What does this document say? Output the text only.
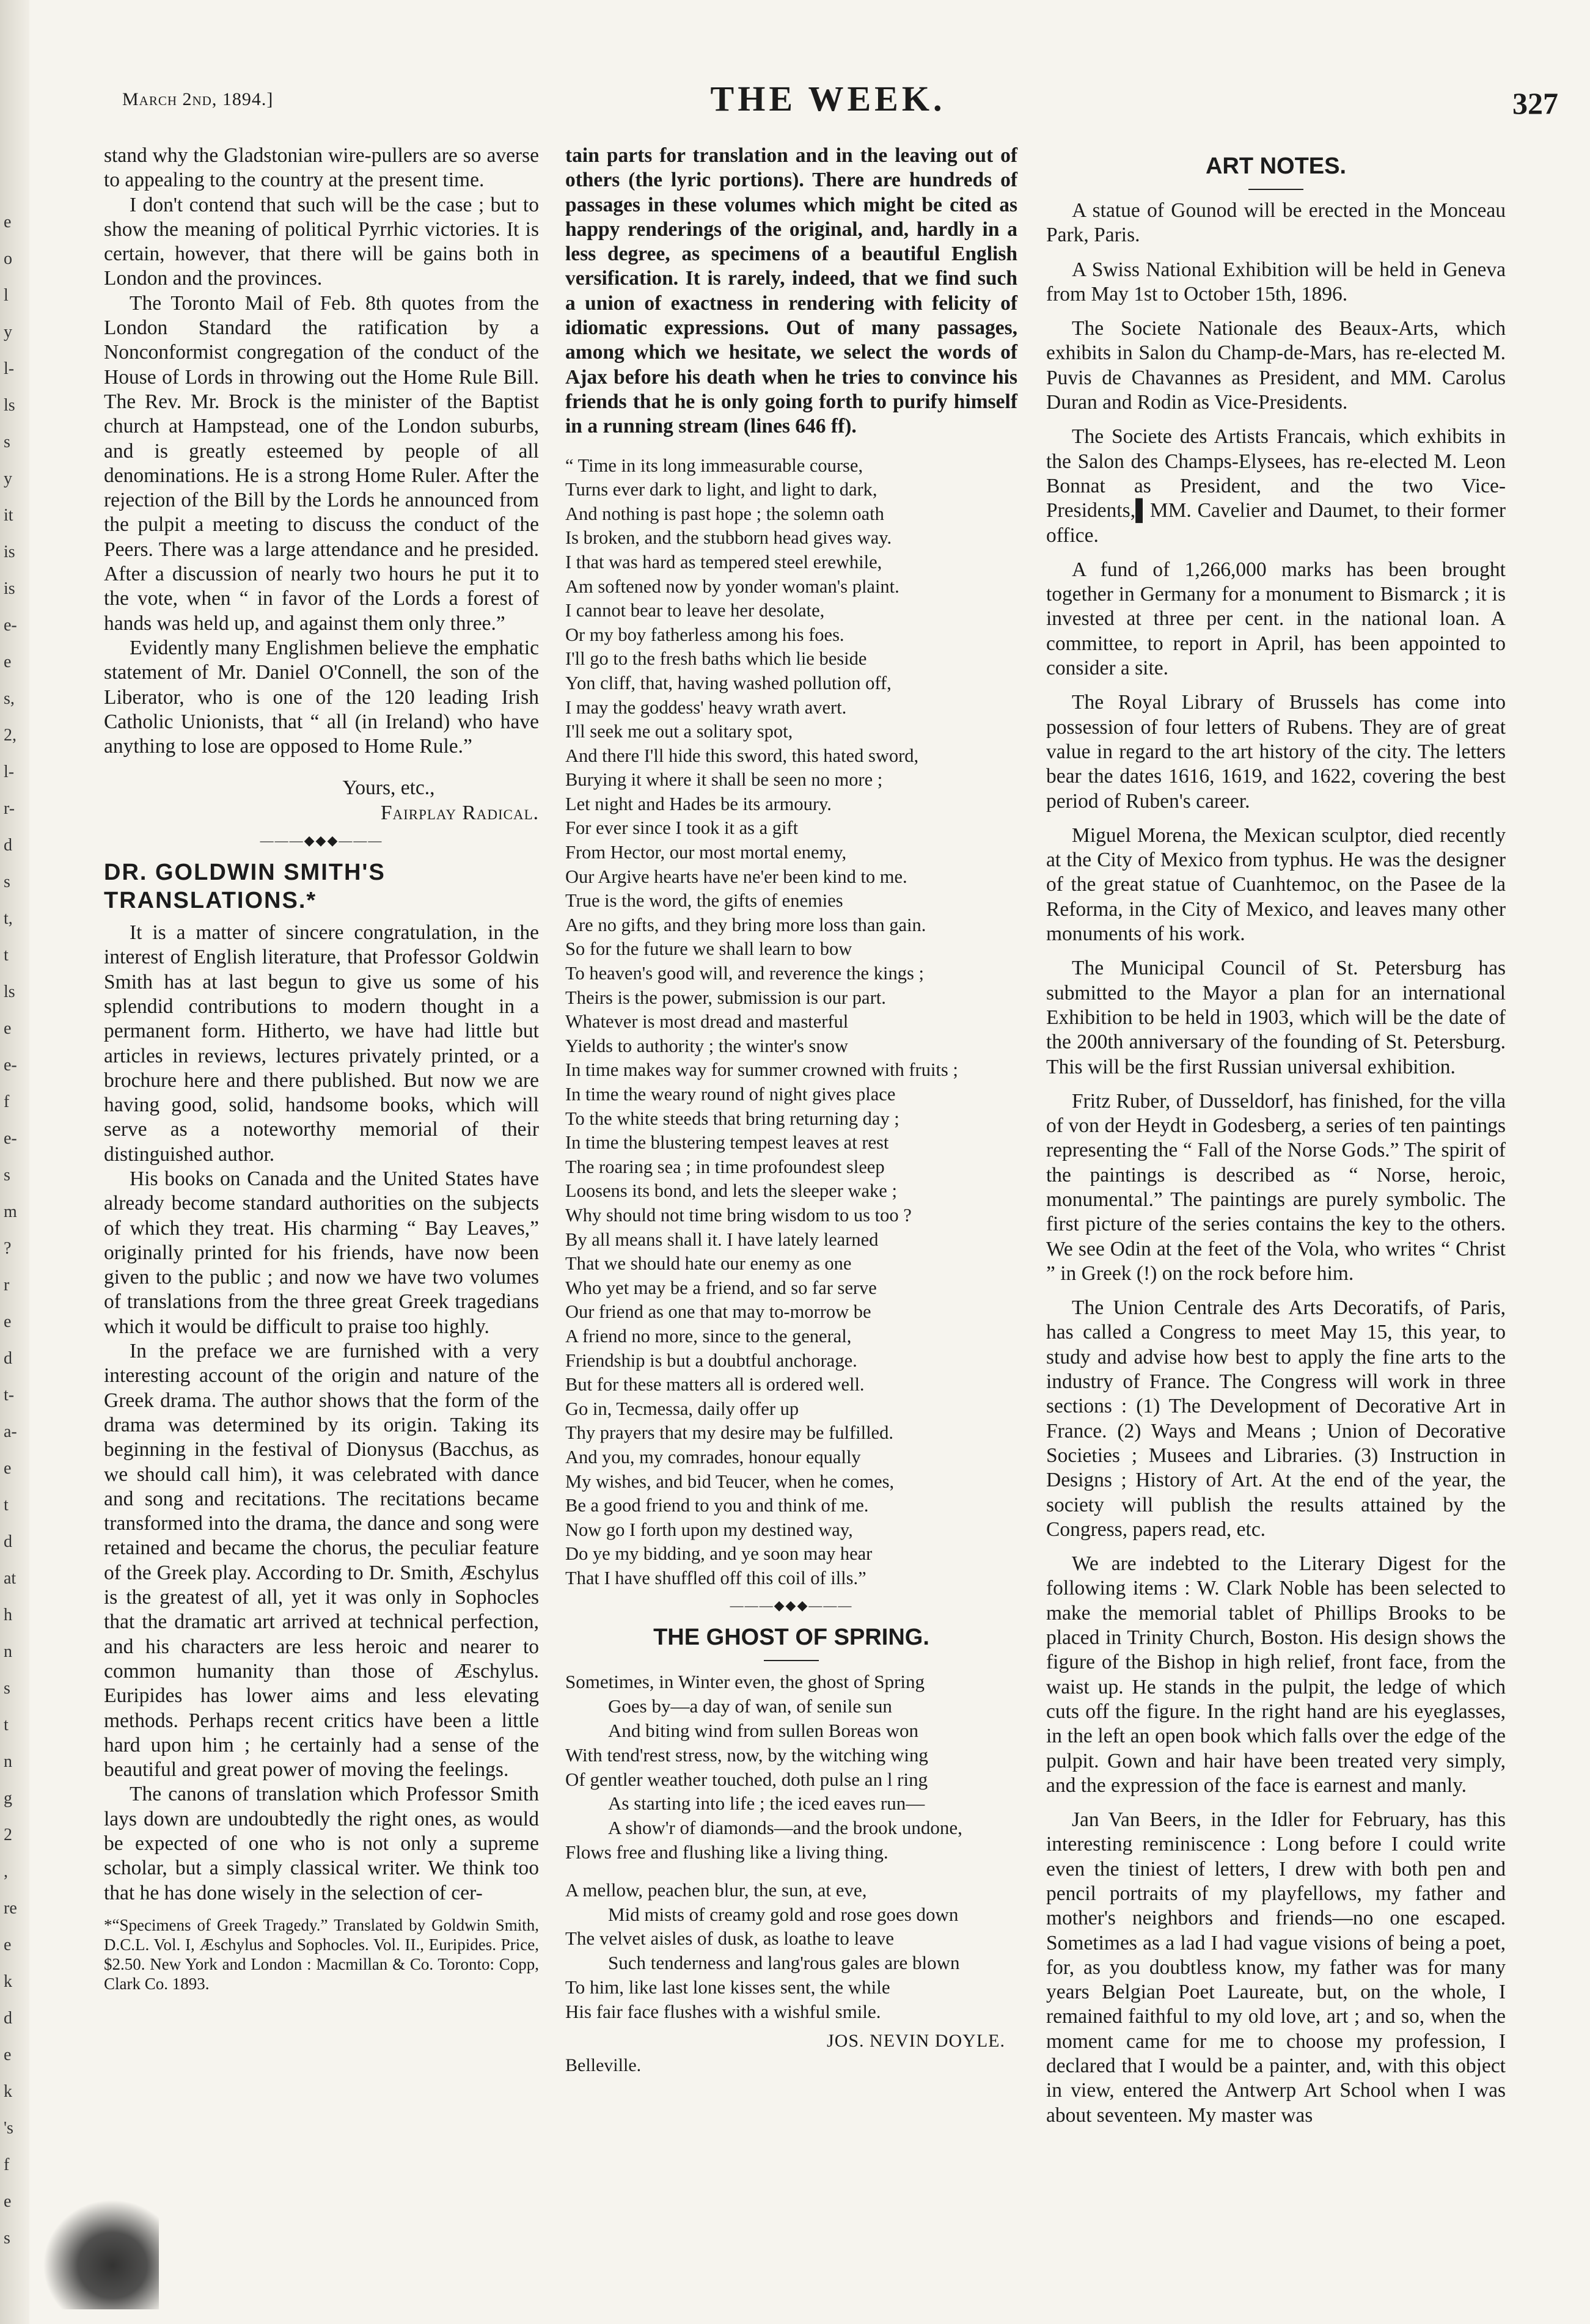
e
o
l
y
l-
ls
s
y
it
is
is
e-
e
s,
2,
l-
r-
d
s
t,
t
ls
e
e-
f
e-
s
m
?
r
e
d
t-
a-
e
t
d
at
h
n
s
t
n
g
2
,
re
e
k
d
e
k
's
f
e
s
March 2nd, 1894.]	THE WEEK.	327

stand why the Gladstonian wire-pullers are so averse to appealing to the country at the present time.

I don't contend that such will be the case ; but to show the meaning of political Pyrrhic victories. It is certain, however, that there will be gains both in London and the provinces.

The Toronto Mail of Feb. 8th quotes from the London Standard the ratification by a Nonconformist congregation of the conduct of the House of Lords in throwing out the Home Rule Bill. The Rev. Mr. Brock is the minister of the Baptist church at Hampstead, one of the London suburbs, and is greatly esteemed by people of all denominations. He is a strong Home Ruler. After the rejection of the Bill by the Lords he announced from the pulpit a meeting to discuss the conduct of the Peers. There was a large attendance and he presided. After a discussion of nearly two hours he put it to the vote, when “ in favor of the Lords a forest of hands was held up, and against them only three.”

Evidently many Englishmen believe the emphatic statement of Mr. Daniel O'Connell, the son of the Liberator, who is one of the 120 leading Irish Catholic Unionists, that “ all (in Ireland) who have anything to lose are opposed to Home Rule.”

Yours, etc.,
Fairplay Radical.
———◆◆◆———
DR. GOLDWIN SMITH'S TRANSLATIONS.*

It is a matter of sincere congratulation, in the interest of English literature, that Professor Goldwin Smith has at last begun to give us some of his splendid contributions to modern thought in a permanent form. Hitherto, we have had little but articles in reviews, lectures privately printed, or a brochure here and there published. But now we are having good, solid, handsome books, which will serve as a noteworthy memorial of their distinguished author.

His books on Canada and the United States have already become standard authorities on the subjects of which they treat. His charming “ Bay Leaves,” originally printed for his friends, have now been given to the public ; and now we have two volumes of translations from the three great Greek tragedians which it would be difficult to praise too highly.

In the preface we are furnished with a very interesting account of the origin and nature of the Greek drama. The author shows that the form of the drama was determined by its origin. Taking its beginning in the festival of Dionysus (Bacchus, as we should call him), it was celebrated with dance and song and recitations. The recitations became transformed into the drama, the dance and song were retained and became the chorus, the peculiar feature of the Greek play. According to Dr. Smith, Æschylus is the greatest of all, yet it was only in Sophocles that the dramatic art arrived at technical perfection, and his characters are less heroic and nearer to common humanity than those of Æschylus. Euripides has lower aims and less elevating methods. Perhaps recent critics have been a little hard upon him ; he certainly had a sense of the beautiful and great power of moving the feelings.

The canons of translation which Professor Smith lays down are undoubtedly the right ones, as would be expected of one who is not only a supreme scholar, but a simply classical writer. We think too that he has done wisely in the selection of cer-

*“Specimens of Greek Tragedy.” Translated by Goldwin Smith, D.C.L. Vol. I, Æschylus and Sophocles. Vol. II., Euripides. Price, $2.50. New York and London : Macmillan & Co. Toronto: Copp, Clark Co. 1893.

tain parts for translation and in the leaving out of others (the lyric portions). There are hundreds of passages in these volumes which might be cited as happy renderings of the original, and, hardly in a less degree, as specimens of a beautiful English versification. It is rarely, indeed, that we find such a union of exactness in rendering with felicity of idiomatic expressions. Out of many passages, among which we hesitate, we select the words of Ajax before his death when he tries to convince his friends that he is only going forth to purify himself in a running stream (lines 646 ff).

“ Time in its long immeasurable course,
Turns ever dark to light, and light to dark,
And nothing is past hope ; the solemn oath
Is broken, and the stubborn head gives way.
I that was hard as tempered steel erewhile,
Am softened now by yonder woman's plaint.
I cannot bear to leave her desolate,
Or my boy fatherless among his foes.
I'll go to the fresh baths which lie beside
Yon cliff, that, having washed pollution off,
I may the goddess' heavy wrath avert.
I'll seek me out a solitary spot,
And there I'll hide this sword, this hated sword,
Burying it where it shall be seen no more ;
Let night and Hades be its armoury.
For ever since I took it as a gift
From Hector, our most mortal enemy,
Our Argive hearts have ne'er been kind to me.
True is the word, the gifts of enemies
Are no gifts, and they bring more loss than gain.
So for the future we shall learn to bow
To heaven's good will, and reverence the kings ;
Theirs is the power, submission is our part.
Whatever is most dread and masterful
Yields to authority ; the winter's snow
In time makes way for summer crowned with fruits ;
In time the weary round of night gives place
To the white steeds that bring returning day ;
In time the blustering tempest leaves at rest
The roaring sea ; in time profoundest sleep
Loosens its bond, and lets the sleeper wake ;
Why should not time bring wisdom to us too ?
By all means shall it. I have lately learned
That we should hate our enemy as one
Who yet may be a friend, and so far serve
Our friend as one that may to-morrow be
A friend no more, since to the general,
Friendship is but a doubtful anchorage.
But for these matters all is ordered well.
Go in, Tecmessa, daily offer up
Thy prayers that my desire may be fulfilled.
And you, my comrades, honour equally
My wishes, and bid Teucer, when he comes,
Be a good friend to you and think of me.
Now go I forth upon my destined way,
Do ye my bidding, and ye soon may hear
That I have shuffled off this coil of ills.”
———◆◆◆———
THE GHOST OF SPRING.
Sometimes, in Winter even, the ghost of Spring
Goes by—a day of wan, of senile sun
And biting wind from sullen Boreas won
With tend'rest stress, now, by the witching wing
Of gentler weather touched, doth pulse an l ring
As starting into life ; the iced eaves run—
A show'r of diamonds—and the brook undone,
Flows free and flushing like a living thing.
A mellow, peachen blur, the sun, at eve,
Mid mists of creamy gold and rose goes down
The velvet aisles of dusk, as loathe to leave
Such tenderness and lang'rous gales are blown
To him, like last lone kisses sent, the while
His fair face flushes with a wishful smile.
JOS. NEVIN DOYLE.
Belleville.
ART NOTES.

A statue of Gounod will be erected in the Monceau Park, Paris.

A Swiss National Exhibition will be held in Geneva from May 1st to October 15th, 1896.

The Societe Nationale des Beaux-Arts, which exhibits in Salon du Champ-de-Mars, has re-elected M. Puvis de Chavannes as President, and MM. Carolus Duran and Rodin as Vice-Presidents.

The Societe des Artists Francais, which exhibits in the Salon des Champs-Elysees, has re-elected M. Leon Bonnat as President, and the two Vice-Presidents,▌MM. Cavelier and Daumet, to their former office.

A fund of 1,266,000 marks has been brought together in Germany for a monument to Bismarck ; it is invested at three per cent. in the national loan. A committee, to report in April, has been appointed to consider a site.

The Royal Library of Brussels has come into possession of four letters of Rubens. They are of great value in regard to the art history of the city. The letters bear the dates 1616, 1619, and 1622, covering the best period of Ruben's career.

Miguel Morena, the Mexican sculptor, died recently at the City of Mexico from typhus. He was the designer of the great statue of Cuanhtemoc, on the Pasee de la Reforma, in the City of Mexico, and leaves many other monuments of his work.

The Municipal Council of St. Petersburg has submitted to the Mayor a plan for an international Exhibition to be held in 1903, which will be the date of the 200th anniversary of the founding of St. Petersburg. This will be the first Russian universal exhibition.

Fritz Ruber, of Dusseldorf, has finished, for the villa of von der Heydt in Godesberg, a series of ten paintings representing the “ Fall of the Norse Gods.” The spirit of the paintings is described as “ Norse, heroic, monumental.” The paintings are purely symbolic. The first picture of the series contains the key to the others. We see Odin at the feet of the Vola, who writes “ Christ ” in Greek (!) on the rock before him.

The Union Centrale des Arts Decoratifs, of Paris, has called a Congress to meet May 15, this year, to study and advise how best to apply the fine arts to the industry of France. The Congress will work in three sections : (1) The Development of Decorative Art in France. (2) Ways and Means ; Union of Decorative Societies ; Musees and Libraries. (3) Instruction in Designs ; History of Art. At the end of the year, the society will publish the results attained by the Congress, papers read, etc.

We are indebted to the Literary Digest for the following items : W. Clark Noble has been selected to make the memorial tablet of Phillips Brooks to be placed in Trinity Church, Boston. His design shows the figure of the Bishop in high relief, front face, from the waist up. He stands in the pulpit, the ledge of which cuts off the figure. In the right hand are his eyeglasses, in the left an open book which falls over the edge of the pulpit. Gown and hair have been treated very simply, and the expression of the face is earnest and manly.

Jan Van Beers, in the Idler for February, has this interesting reminiscence : Long before I could write even the tiniest of letters, I drew with both pen and pencil portraits of my playfellows, my father and mother's neighbors and friends—no one escaped. Sometimes as a lad I had vague visions of being a poet, for, as you doubtless know, my father was for many years Belgian Poet Laureate, but, on the whole, I remained faithful to my old love, art ; and so, when the moment came for me to choose my profession, I declared that I would be a painter, and, with this object in view, entered the Antwerp Art School when I was about seventeen. My master was
